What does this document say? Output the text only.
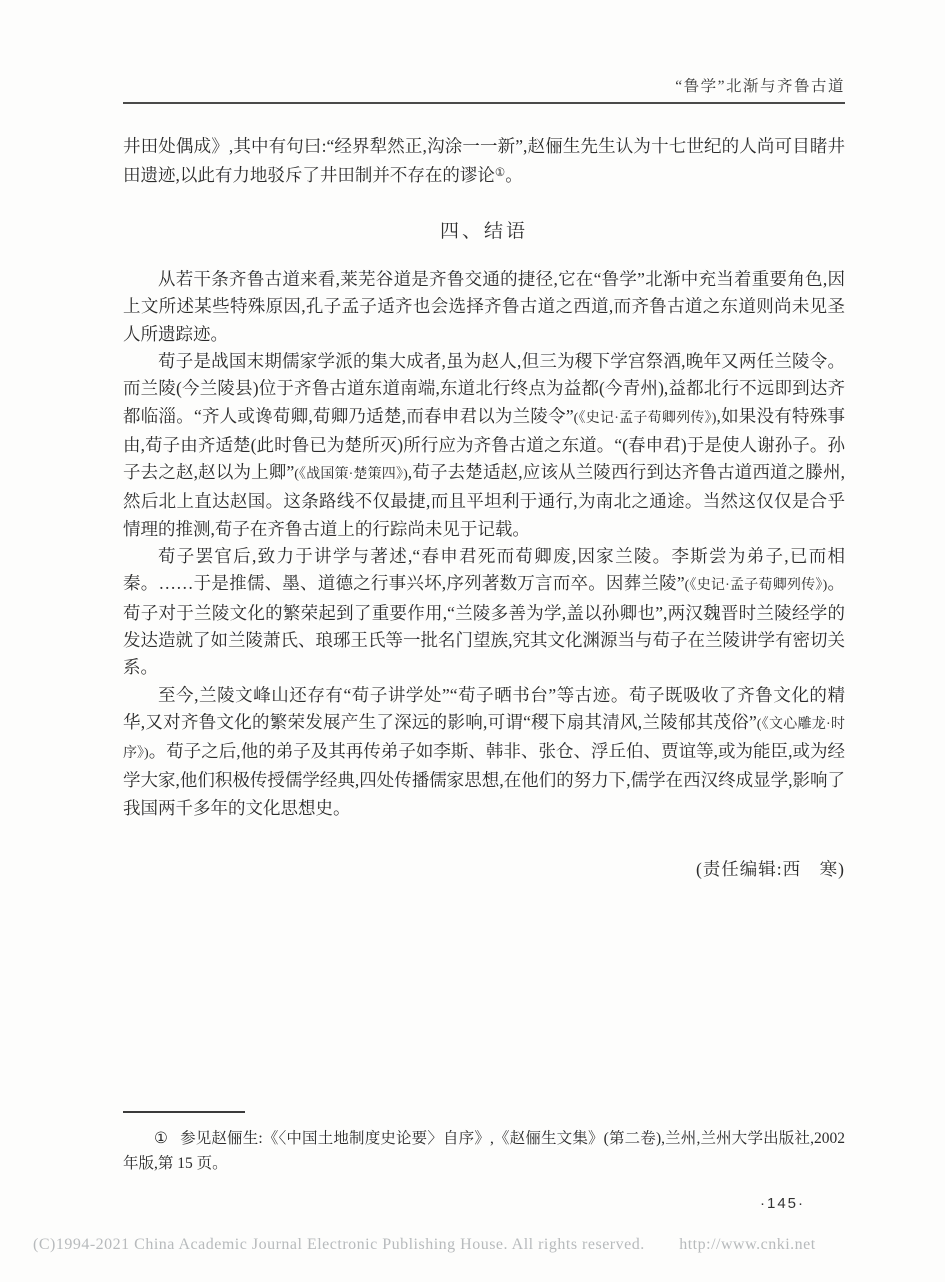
“鲁学”北渐与齐鲁古道

井田处偶成》,其中有句曰:“经界犁然正,沟涂一一新”,赵俪生先生认为十七世纪的人尚可目睹井田遗迹,以此有力地驳斥了井田制并不存在的谬论①。

四、结语

从若干条齐鲁古道来看,莱芜谷道是齐鲁交通的捷径,它在“鲁学”北渐中充当着重要角色,因上文所述某些特殊原因,孔子孟子适齐也会选择齐鲁古道之西道,而齐鲁古道之东道则尚未见圣人所遗踪迹。

荀子是战国末期儒家学派的集大成者,虽为赵人,但三为稷下学宫祭酒,晚年又两任兰陵令。而兰陵(今兰陵县)位于齐鲁古道东道南端,东道北行终点为益都(今青州),益都北行不远即到达齐都临淄。“齐人或谗荀卿,荀卿乃适楚,而春申君以为兰陵令”(《史记·孟子荀卿列传》),如果没有特殊事由,荀子由齐适楚(此时鲁已为楚所灭)所行应为齐鲁古道之东道。“(春申君)于是使人谢孙子。孙子去之赵,赵以为上卿”(《战国策·楚策四》),荀子去楚适赵,应该从兰陵西行到达齐鲁古道西道之滕州,然后北上直达赵国。这条路线不仅最捷,而且平坦利于通行,为南北之通途。当然这仅仅是合乎情理的推测,荀子在齐鲁古道上的行踪尚未见于记载。

荀子罢官后,致力于讲学与著述,“春申君死而荀卿废,因家兰陵。李斯尝为弟子,已而相秦。……于是推儒、墨、道德之行事兴坏,序列著数万言而卒。因葬兰陵”(《史记·孟子荀卿列传》)。荀子对于兰陵文化的繁荣起到了重要作用,“兰陵多善为学,盖以孙卿也”,两汉魏晋时兰陵经学的发达造就了如兰陵萧氏、琅琊王氏等一批名门望族,究其文化渊源当与荀子在兰陵讲学有密切关系。

至今,兰陵文峰山还存有“荀子讲学处”“荀子晒书台”等古迹。荀子既吸收了齐鲁文化的精华,又对齐鲁文化的繁荣发展产生了深远的影响,可谓“稷下扇其清风,兰陵郁其茂俗”(《文心雕龙·时序》)。荀子之后,他的弟子及其再传弟子如李斯、韩非、张仓、浮丘伯、贾谊等,或为能臣,或为经学大家,他们积极传授儒学经典,四处传播儒家思想,在他们的努力下,儒学在西汉终成显学,影响了我国两千多年的文化思想史。

(责任编辑:西　寒)

① 参见赵俪生:《〈中国土地制度史论要〉自序》,《赵俪生文集》(第二卷),兰州,兰州大学出版社,2002 年版,第 15 页。

·145·
(C)1994-2021 China Academic Journal Electronic Publishing House. All rights reserved. http://www.cnki.net
